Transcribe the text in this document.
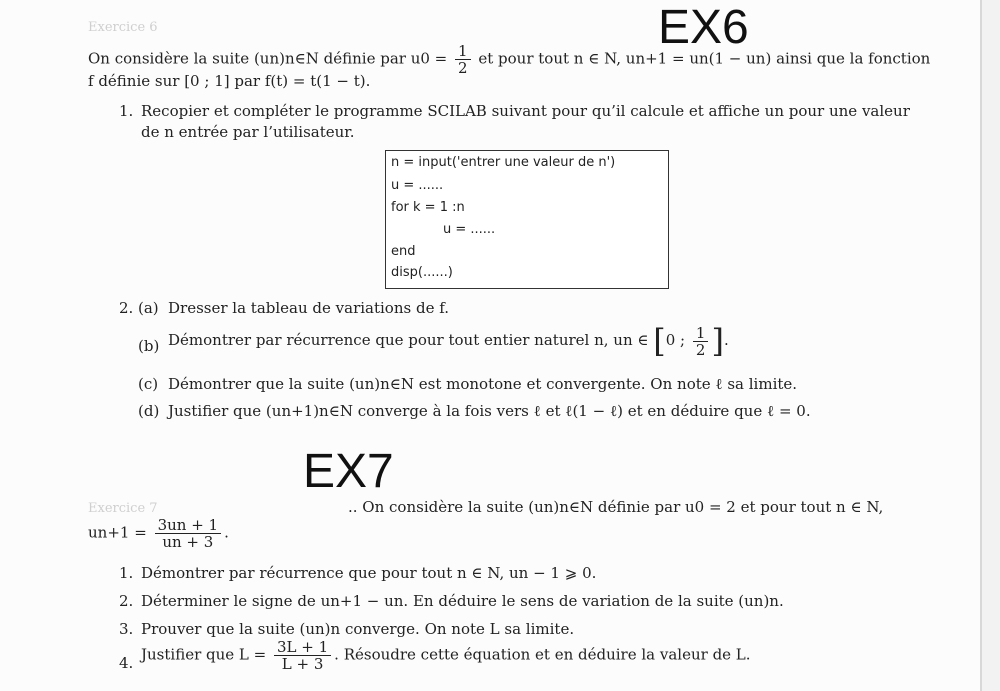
Exercice 6	EX6
On considère la suite (un)n∈N définie par $u0 = \frac{1}{2}$ et pour tout n ∈ N, un+1 = un(1 − un) ainsi que la fonction
f définie sur [0 ; 1] par f(t) = t(1 − t).
1. Recopier et compléter le programme SCILAB suivant pour qu’il calcule et affiche un pour une valeur
de n entrée par l’utilisateur.
n = input('entrer une valeur de n')
u = ......
for k = 1 :n
u = ......
end
disp(......)
2. (a) Dresser la tableau de variations de f.
(b) Démontrer par récurrence que pour tout entier naturel n, un ∈ [0 ; $\frac{1}{2}$ ].
(c) Démontrer que la suite (un)n∈N est monotone et convergente. On note ℓ sa limite.
(d) Justifier que (un+1)n∈N converge à la fois vers ℓ et ℓ(1 − ℓ) et en déduire que ℓ = 0.
EX7
Exercice 7	.. On considère la suite (un)n∈N définie par u0 = 2 et pour tout n ∈ N,
$un+1 = \frac{3un + 1}{un + 3}$ .
1. Démontrer par récurrence que pour tout n ∈ N, un − 1 ⩾ 0.
2. Déterminer le signe de un+1 − un. En déduire le sens de variation de la suite (un)n.
3. Prouver que la suite (un)n converge. On note L sa limite.
4. Justifier que $L = \frac{3L + 1}{L + 3}$ . Résoudre cette équation et en déduire la valeur de L.
